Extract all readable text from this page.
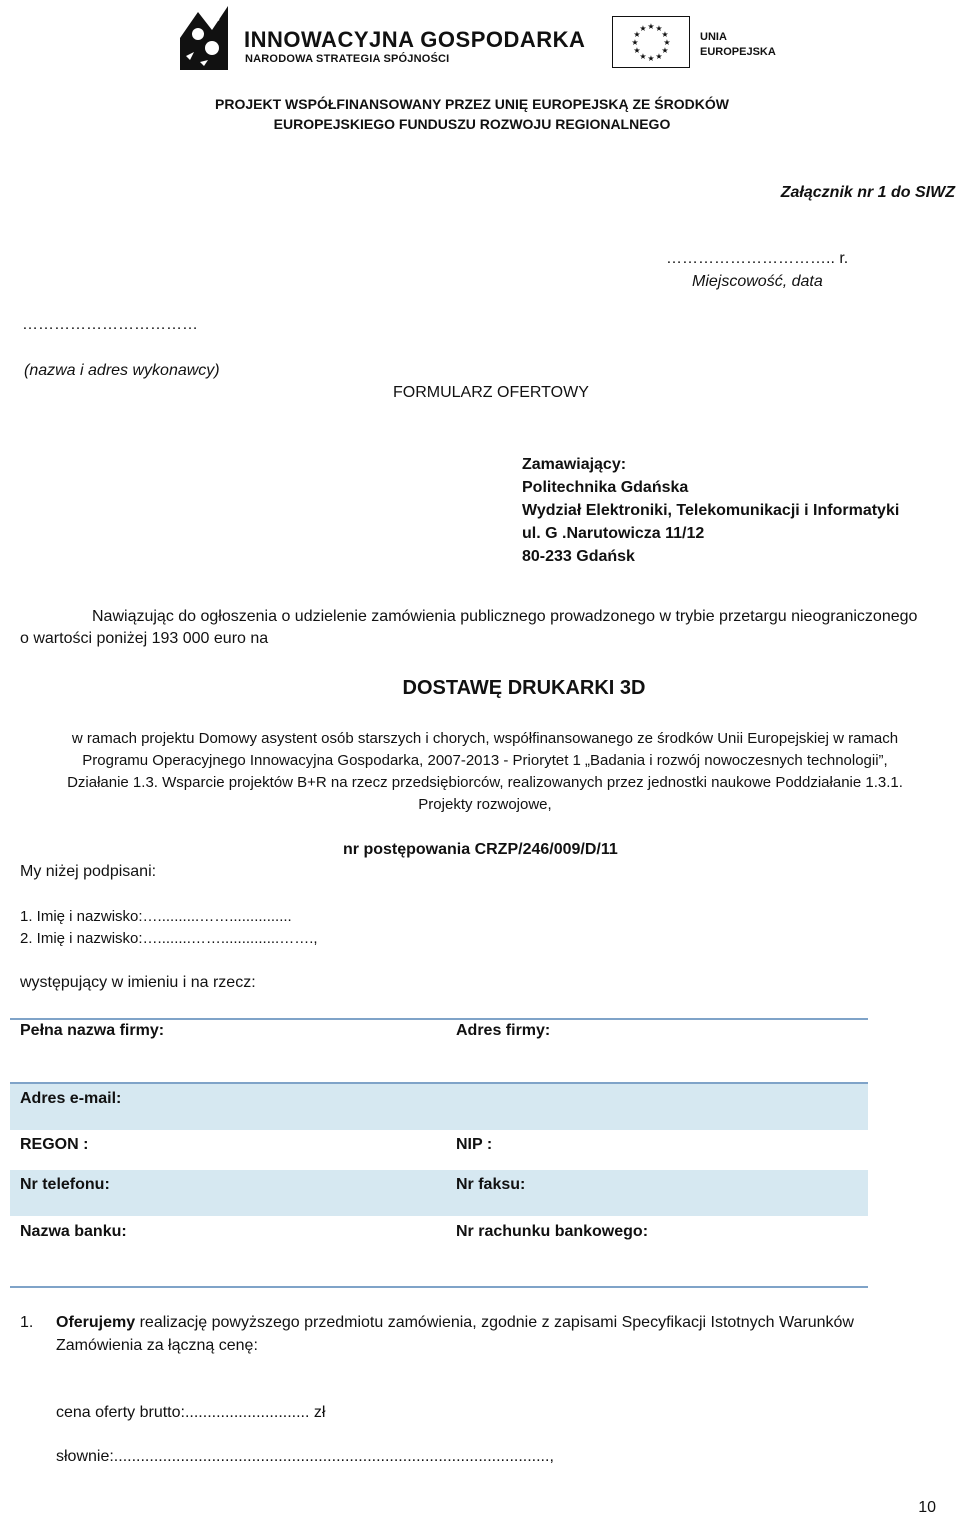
INNOWACYJNA GOSPODARKA
NARODOWA STRATEGIA SPÓJNOŚCI
★ ★
★
★
★
★
★
★
★
★
★
★
UNIA
EUROPEJSKA
PROJEKT WSPÓŁFINANSOWANY PRZEZ UNIĘ EUROPEJSKĄ ZE ŚRODKÓW
EUROPEJSKIEGO FUNDUSZU ROZWOJU REGIONALNEGO
Załącznik nr 1 do SIWZ
………………………….. r.
Miejscowość, data
……………………………
(nazwa i adres wykonawcy)
FORMULARZ OFERTOWY
Zamawiający:
Politechnika Gdańska
Wydział Elektroniki, Telekomunikacji i Informatyki
ul. G .Narutowicza 11/12
80-233 Gdańsk
Nawiązując do ogłoszenia o udzielenie zamówienia publicznego prowadzonego w trybie przetargu nieograniczonego
o wartości poniżej 193 000 euro na
DOSTAWĘ DRUKARKI 3D
w ramach projektu Domowy asystent osób starszych i chorych, współfinansowanego ze środków Unii Europejskiej w ramach
Programu Operacyjnego Innowacyjna Gospodarka, 2007-2013 - Priorytet 1 „Badania i rozwój nowoczesnych technologii”,
Działanie 1.3. Wsparcie projektów B+R na rzecz przedsiębiorców, realizowanych przez jednostki naukowe Poddziałanie 1.3.1.
Projekty rozwojowe,
nr postępowania CRZP/246/009/D/11
My niżej podpisani:
1. Imię i nazwisko:…..........……...............
2. Imię i nazwisko:…........……..............…….,
występujący w imieniu i na rzecz:
Pełna nazwa firmy:	Adres firmy:
Adres e-mail:
REGON :	NIP :
Nr telefonu:	Nr faksu:
Nazwa banku:	Nr rachunku bankowego:
1. Oferujemy realizację powyższego przedmiotu zamówienia, zgodnie z zapisami Specyfikacji Istotnych Warunków
Zamówienia za łączną cenę:
cena oferty brutto:............................ zł
słownie:..................................................................................................,
10
